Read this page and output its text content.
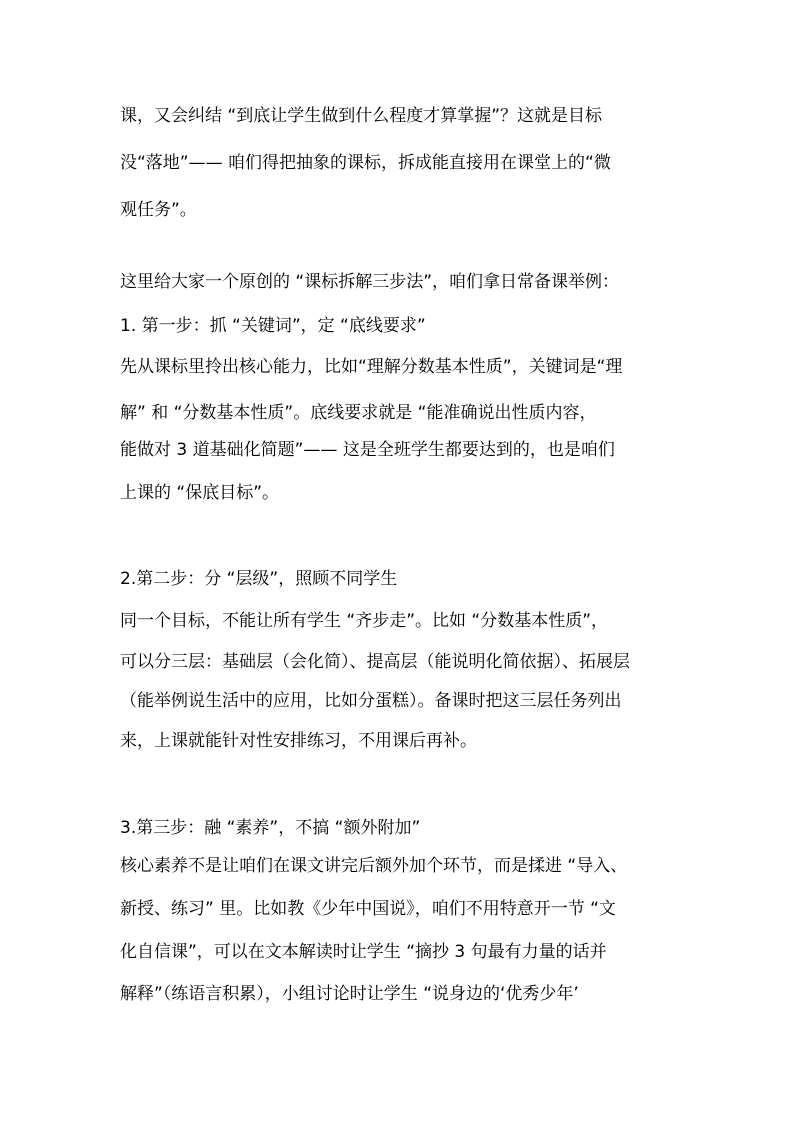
课，又会纠结 “到底让学生做到什么程度才算掌握”？这就是目标
没“落地”—— 咱们得把抽象的课标，拆成能直接用在课堂上的“微
观任务”。
这里给大家一个原创的 “课标拆解三步法”，咱们拿日常备课举例：
1. 第一步：抓 “关键词”，定 “底线要求”
先从课标里拎出核心能力，比如“理解分数基本性质”，关键词是“理
解” 和 “分数基本性质”。底线要求就是 “能准确说出性质内容，
能做对 3 道基础化简题”—— 这是全班学生都要达到的，也是咱们
上课的 “保底目标”。
2.第二步：分 “层级”，照顾不同学生
同一个目标，不能让所有学生 “齐步走”。比如 “分数基本性质”，
可以分三层：基础层（会化简）、提高层（能说明化简依据）、拓展层
（能举例说生活中的应用，比如分蛋糕）。备课时把这三层任务列出
来，上课就能针对性安排练习，不用课后再补。
3.第三步：融 “素养”，不搞 “额外附加”
核心素养不是让咱们在课文讲完后额外加个环节，而是揉进 “导入、
新授、练习” 里。比如教《少年中国说》，咱们不用特意开一节 “文
化自信课”，可以在文本解读时让学生 “摘抄 3 句最有力量的话并
解释”（练语言积累），小组讨论时让学生 “说身边的‘优秀少年’
